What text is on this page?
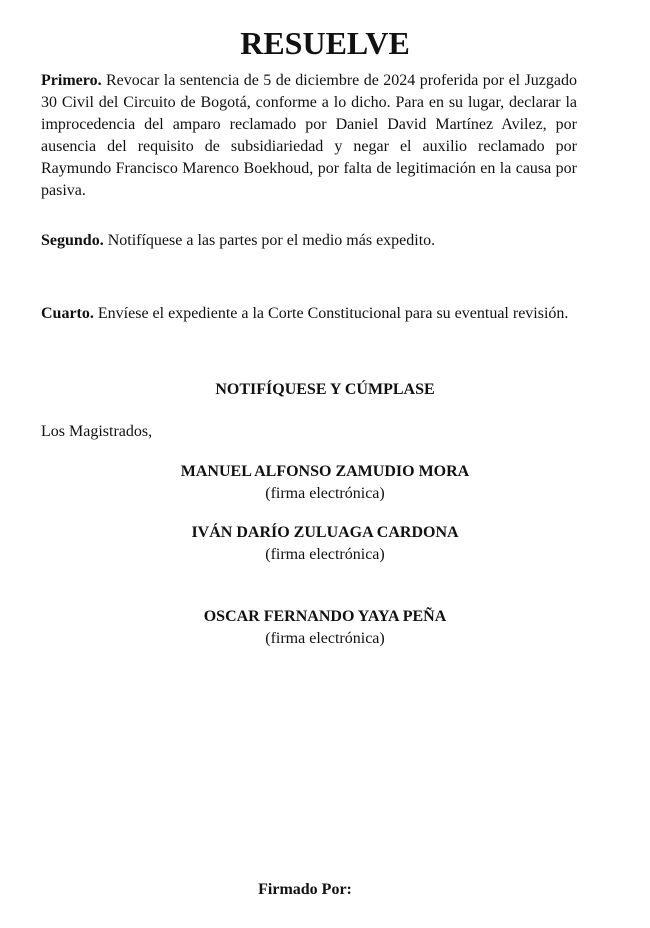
RESUELVE

Primero. Revocar la sentencia de 5 de diciembre de 2024 proferida por el Juzgado 30 Civil del Circuito de Bogotá, conforme a lo dicho. Para en su lugar, declarar la improcedencia del amparo reclamado por Daniel David Martínez Avilez, por ausencia del requisito de subsidiariedad y negar el auxilio reclamado por Raymundo Francisco Marenco Boekhoud, por falta de legitimación en la causa por pasiva.

Segundo. Notifíquese a las partes por el medio más expedito.

Cuarto. Envíese el expediente a la Corte Constitucional para su eventual revisión.

NOTIFÍQUESE Y CÚMPLASE

Los Magistrados,

MANUEL ALFONSO ZAMUDIO MORA
(firma electrónica)
IVÁN DARÍO ZULUAGA CARDONA
(firma electrónica)
OSCAR FERNANDO YAYA PEÑA
(firma electrónica)

Firmado Por:
